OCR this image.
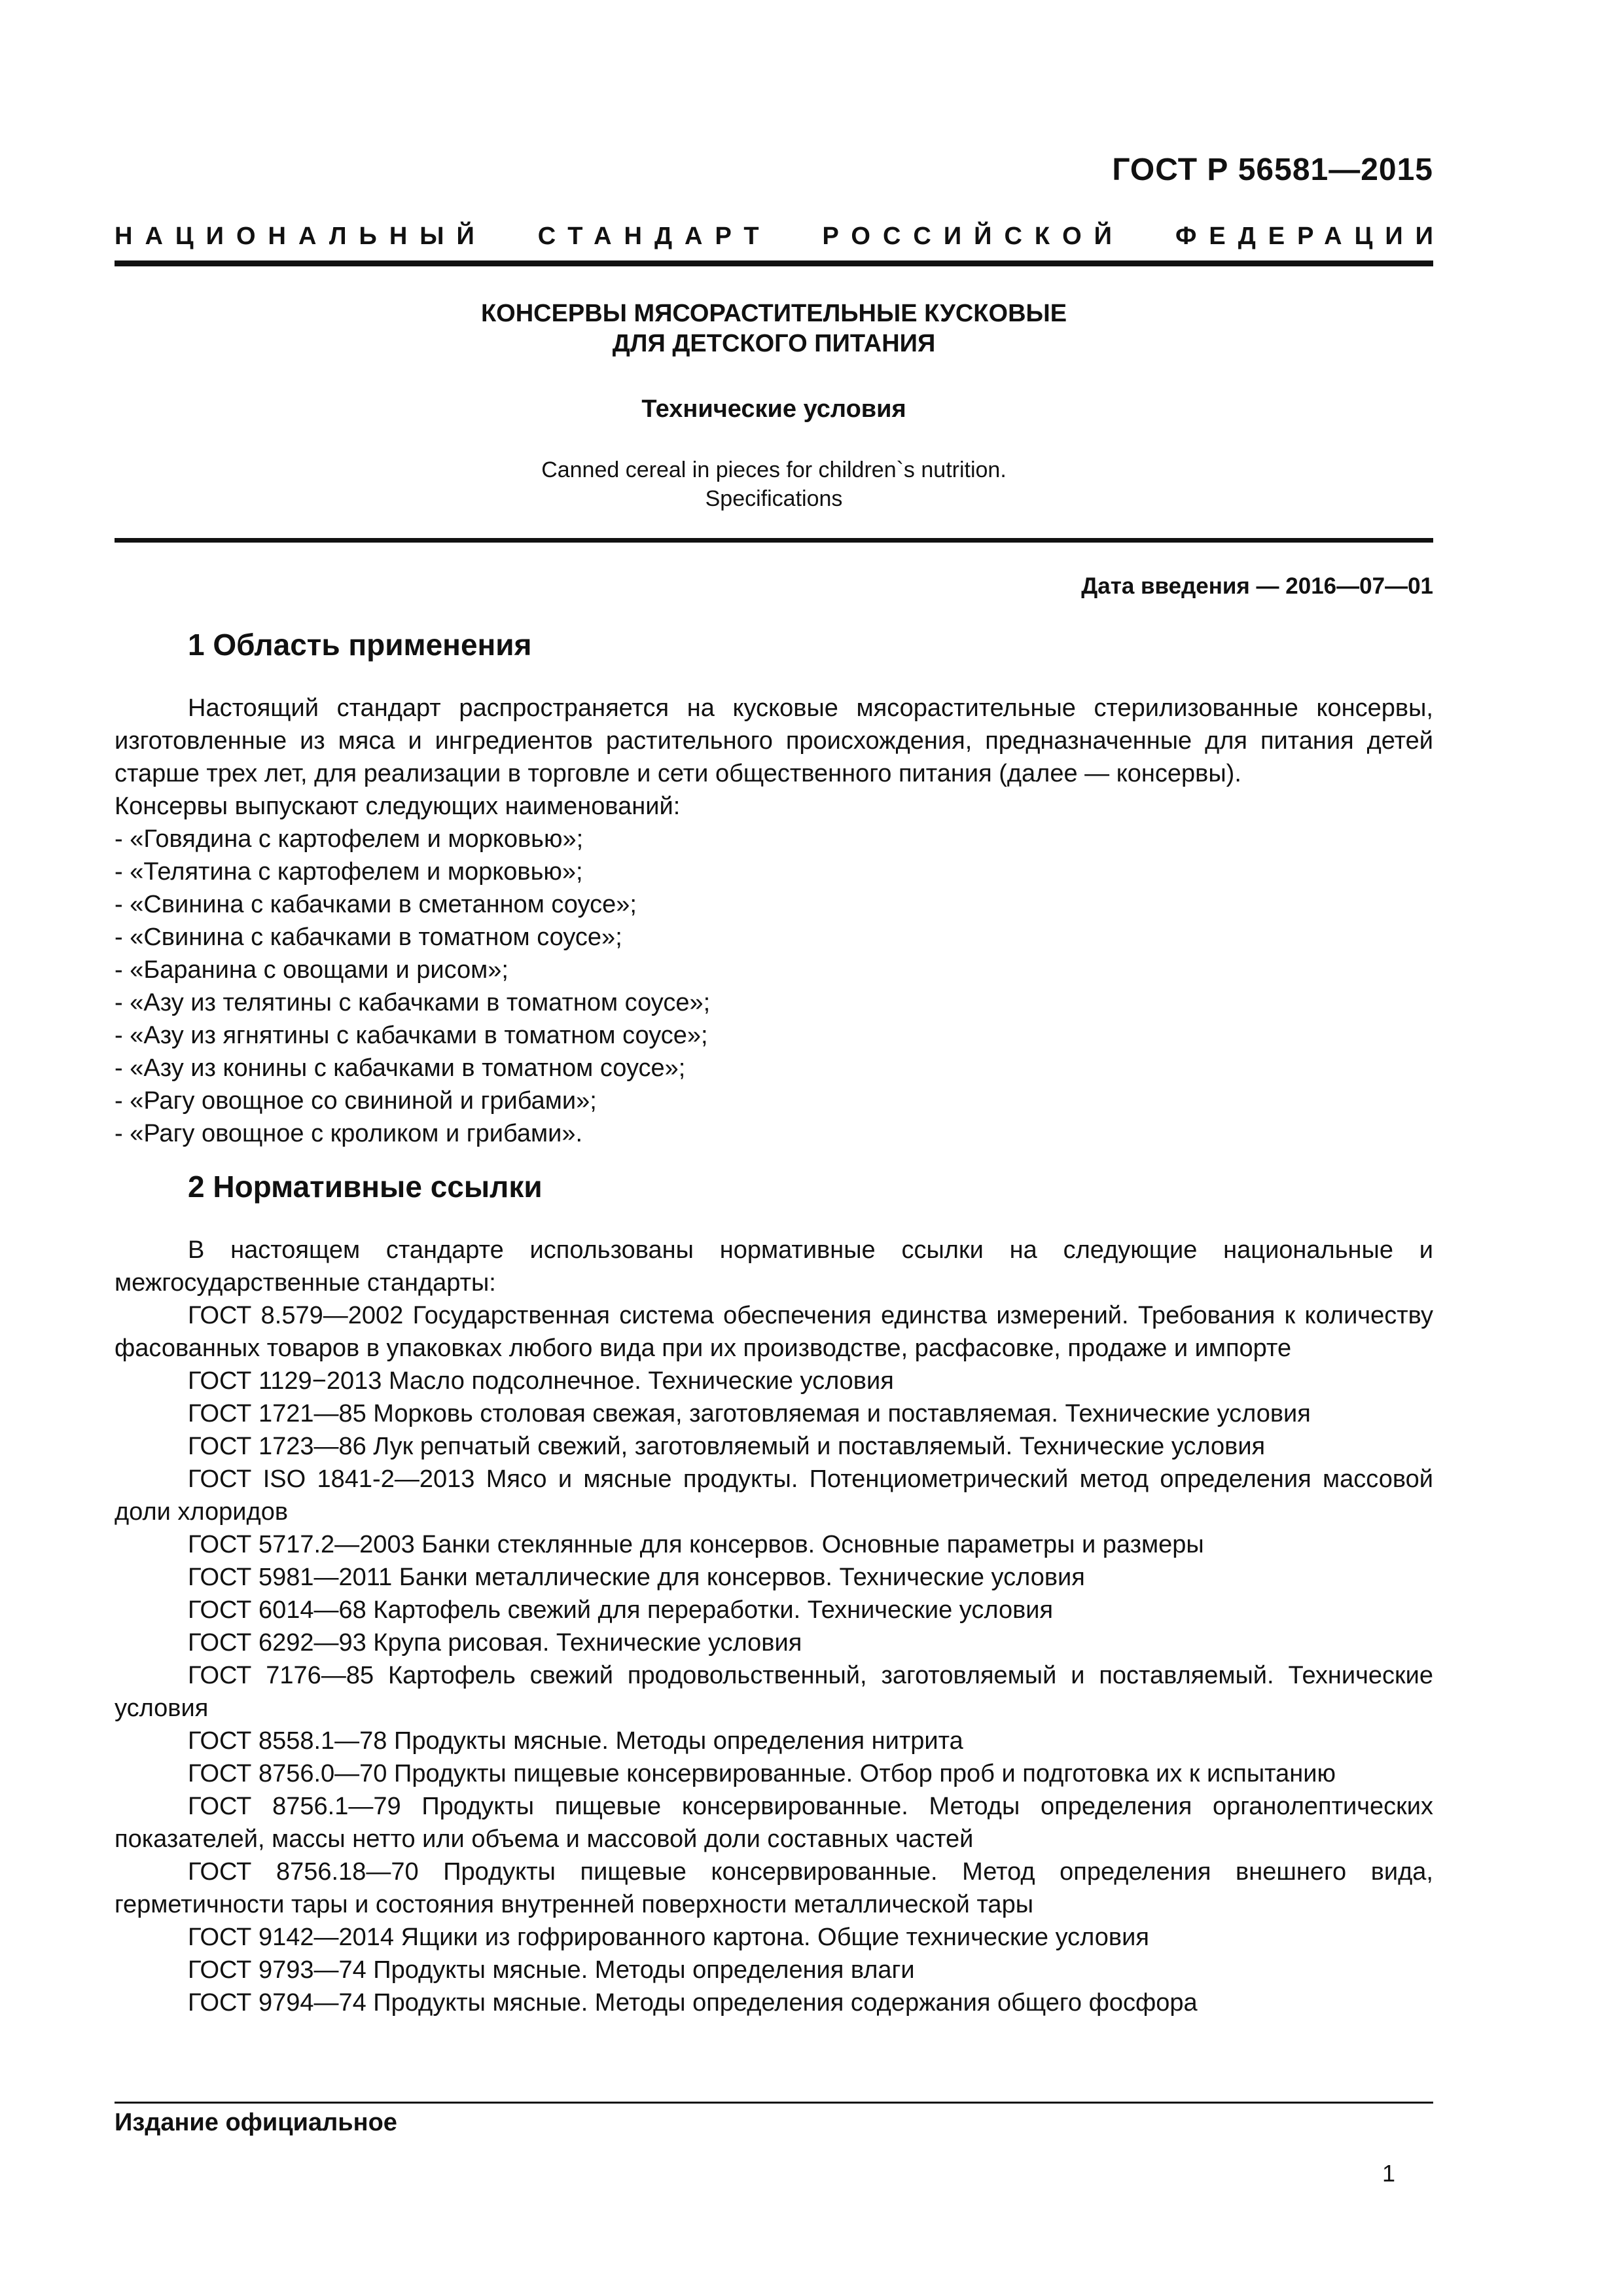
ГОСТ Р 56581—2015
НАЦИОНАЛЬНЫЙ СТАНДАРТ РОССИЙСКОЙ ФЕДЕРАЦИИ
КОНСЕРВЫ МЯСОРАСТИТЕЛЬНЫЕ КУСКОВЫЕ
ДЛЯ ДЕТСКОГО ПИТАНИЯ
Технические условия
Canned cereal in pieces for children`s nutrition.
Specifications
Дата введения — 2016—07—01
1 Область применения

Настоящий стандарт распространяется на кусковые мясорастительные стерилизованные консервы, изготовленные из мяса и ингредиентов растительного происхождения, предназначенные для питания детей старше трех лет, для реализации в торговле и сети общественного питания (далее — консервы).

Консервы выпускают следующих наименований:

- «Говядина с картофелем и морковью»;

- «Телятина с картофелем и морковью»;

- «Свинина с кабачками в сметанном соусе»;

- «Свинина с кабачками в томатном соусе»;

- «Баранина с овощами и рисом»;

- «Азу из телятины с кабачками в томатном соусе»;

- «Азу из ягнятины с кабачками в томатном соусе»;

- «Азу из конины с кабачками в томатном соусе»;

- «Рагу овощное со свининой и грибами»;

- «Рагу овощное с кроликом и грибами».

2 Нормативные ссылки

В настоящем стандарте использованы нормативные ссылки на следующие национальные и межгосударственные стандарты:

ГОСТ 8.579—2002 Государственная система обеспечения единства измерений. Требования к количеству фасованных товаров в упаковках любого вида при их производстве, расфасовке, продаже и импорте

ГОСТ 1129−2013 Масло подсолнечное. Технические условия

ГОСТ 1721—85 Морковь столовая свежая, заготовляемая и поставляемая. Технические условия

ГОСТ 1723—86 Лук репчатый свежий, заготовляемый и поставляемый. Технические условия

ГОСТ ISO 1841-2—2013 Мясо и мясные продукты. Потенциометрический метод определения массовой доли хлоридов

ГОСТ 5717.2—2003 Банки стеклянные для консервов. Основные параметры и размеры

ГОСТ 5981—2011 Банки металлические для консервов. Технические условия

ГОСТ 6014—68 Картофель свежий для переработки. Технические условия

ГОСТ 6292—93 Крупа рисовая. Технические условия

ГОСТ 7176—85 Картофель свежий продовольственный, заготовляемый и поставляемый. Технические условия

ГОСТ 8558.1—78 Продукты мясные. Методы определения нитрита

ГОСТ 8756.0—70 Продукты пищевые консервированные. Отбор проб и подготовка их к испытанию

ГОСТ 8756.1—79 Продукты пищевые консервированные. Методы определения органолептических показателей, массы нетто или объема и массовой доли составных частей

ГОСТ 8756.18—70 Продукты пищевые консервированные. Метод определения внешнего вида, герметичности тары и состояния внутренней поверхности металлической тары

ГОСТ 9142—2014 Ящики из гофрированного картона. Общие технические условия

ГОСТ 9793—74 Продукты мясные. Методы определения влаги

ГОСТ 9794—74 Продукты мясные. Методы определения содержания общего фосфора

Издание официальное
1
